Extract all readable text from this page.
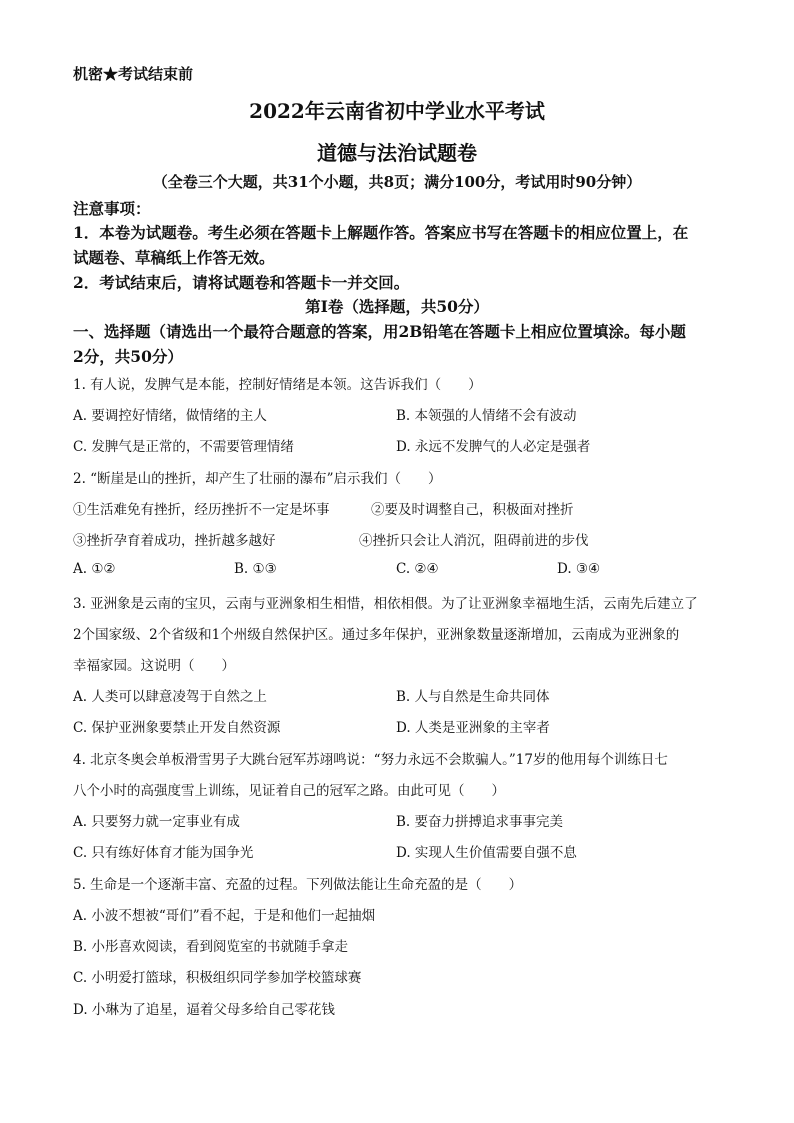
机密★考试结束前
2022年云南省初中学业水平考试
道德与法治试题卷
（全卷三个大题，共31个小题，共8页；满分100分，考试用时90分钟）
注意事项：
1．本卷为试题卷。考生必须在答题卡上解题作答。答案应书写在答题卡的相应位置上，在
试题卷、草稿纸上作答无效。
2．考试结束后，请将试题卷和答题卡一并交回。
第I卷（选择题，共50分）
一、选择题（请选出一个最符合题意的答案，用2B铅笔在答题卡上相应位置填涂。每小题
2分，共50分）
1. 有人说，发脾气是本能，控制好情绪是本领。这告诉我们（　　）
A. 要调控好情绪，做情绪的主人	B. 本领强的人情绪不会有波动
C. 发脾气是正常的，不需要管理情绪	D. 永远不发脾气的人必定是强者
2. “断崖是山的挫折，却产生了壮丽的瀑布”启示我们（　　）
①生活难免有挫折，经历挫折不一定是坏事	②要及时调整自己，积极面对挫折
③挫折孕育着成功，挫折越多越好	④挫折只会让人消沉，阻碍前进的步伐
A. ①②	B. ①③	C. ②④	D. ③④
3. 亚洲象是云南的宝贝，云南与亚洲象相生相惜，相依相偎。为了让亚洲象幸福地生活，云南先后建立了
2个国家级、2个省级和1个州级自然保护区。通过多年保护，亚洲象数量逐渐增加，云南成为亚洲象的
幸福家园。这说明（　　）
A. 人类可以肆意凌驾于自然之上	B. 人与自然是生命共同体
C. 保护亚洲象要禁止开发自然资源	D. 人类是亚洲象的主宰者
4. 北京冬奥会单板滑雪男子大跳台冠军苏翊鸣说：“努力永远不会欺骗人。”17岁的他用每个训练日七
八个小时的高强度雪上训练，见证着自己的冠军之路。由此可见（　　）
A. 只要努力就一定事业有成	B. 要奋力拼搏追求事事完美
C. 只有练好体育才能为国争光	D. 实现人生价值需要自强不息
5. 生命是一个逐渐丰富、充盈的过程。下列做法能让生命充盈的是（　　）
A. 小波不想被“哥们”看不起，于是和他们一起抽烟
B. 小彤喜欢阅读，看到阅览室的书就随手拿走
C. 小明爱打篮球，积极组织同学参加学校篮球赛
D. 小琳为了追星，逼着父母多给自己零花钱
